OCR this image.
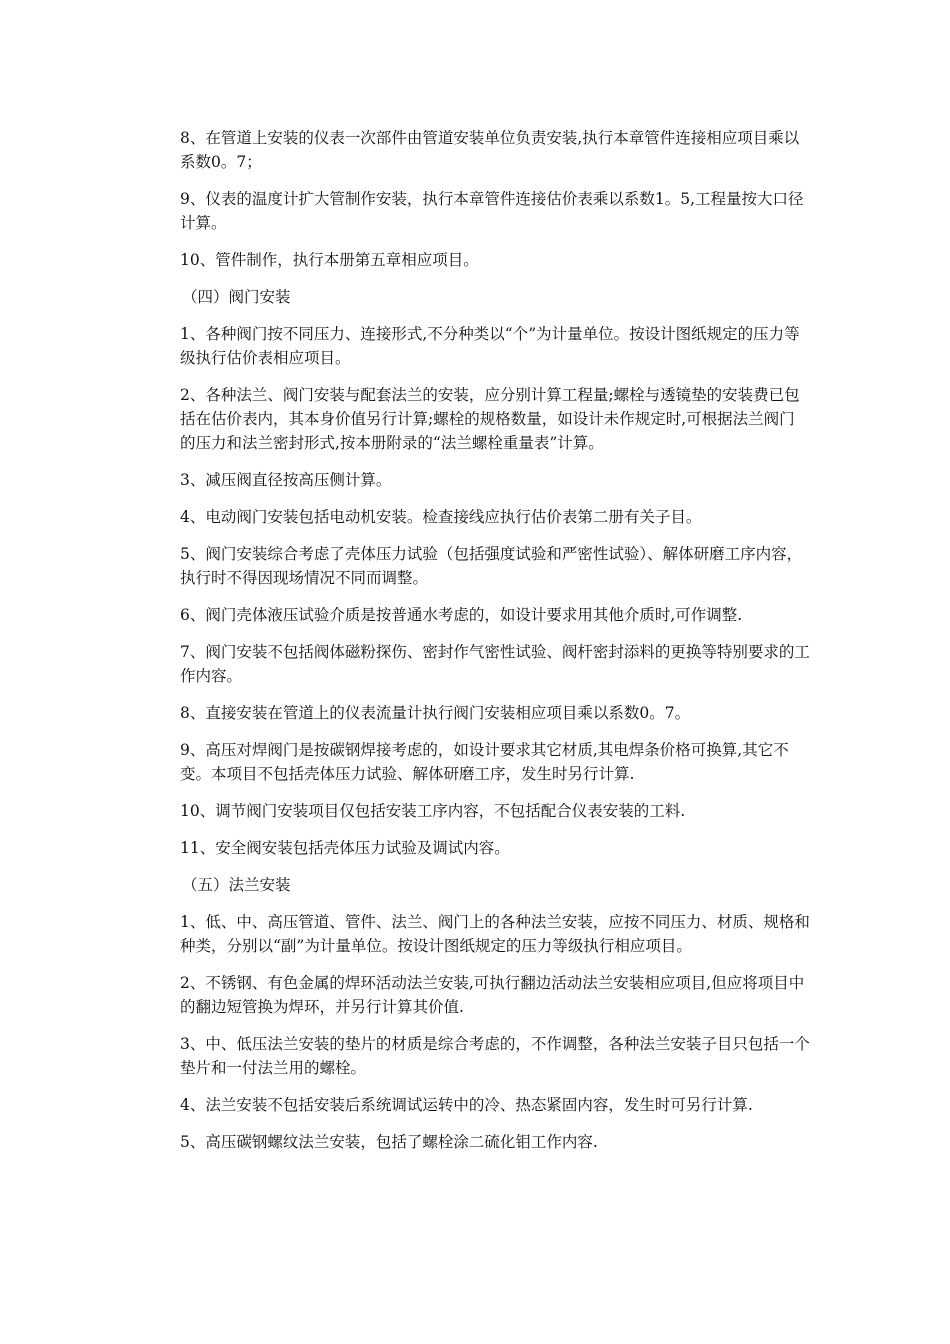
8、在管道上安装的仪表一次部件由管道安装单位负责安装,执行本章管件连接相应项目乘以系数0。7；

9、仪表的温度计扩大管制作安装，执行本章管件连接估价表乘以系数1。5,工程量按大口径计算。

10、管件制作，执行本册第五章相应项目。

（四）阀门安装

1、各种阀门按不同压力、连接形式,不分种类以“个”为计量单位。按设计图纸规定的压力等级执行估价表相应项目。

2、各种法兰、阀门安装与配套法兰的安装，应分别计算工程量;螺栓与透镜垫的安装费已包括在估价表内，其本身价值另行计算;螺栓的规格数量，如设计未作规定时,可根据法兰阀门的压力和法兰密封形式,按本册附录的“法兰螺栓重量表”计算。

3、减压阀直径按高压侧计算。

4、电动阀门安装包括电动机安装。检查接线应执行估价表第二册有关子目。

5、阀门安装综合考虑了壳体压力试验（包括强度试验和严密性试验）、解体研磨工序内容，执行时不得因现场情况不同而调整。

6、阀门壳体液压试验介质是按普通水考虑的，如设计要求用其他介质时,可作调整.

7、阀门安装不包括阀体磁粉探伤、密封作气密性试验、阀杆密封添料的更换等特别要求的工作内容。

8、直接安装在管道上的仪表流量计执行阀门安装相应项目乘以系数0。7。

9、高压对焊阀门是按碳钢焊接考虑的，如设计要求其它材质,其电焊条价格可换算,其它不变。本项目不包括壳体压力试验、解体研磨工序，发生时另行计算.

10、调节阀门安装项目仅包括安装工序内容，不包括配合仪表安装的工料.

11、安全阀安装包括壳体压力试验及调试内容。

（五）法兰安装

1、低、中、高压管道、管件、法兰、阀门上的各种法兰安装，应按不同压力、材质、规格和种类，分别以“副”为计量单位。按设计图纸规定的压力等级执行相应项目。

2、不锈钢、有色金属的焊环活动法兰安装,可执行翻边活动法兰安装相应项目,但应将项目中的翻边短管换为焊环，并另行计算其价值.

3、中、低压法兰安装的垫片的材质是综合考虑的，不作调整，各种法兰安装子目只包括一个垫片和一付法兰用的螺栓。

4、法兰安装不包括安装后系统调试运转中的冷、热态紧固内容，发生时可另行计算.

5、高压碳钢螺纹法兰安装，包括了螺栓涂二硫化钼工作内容.
